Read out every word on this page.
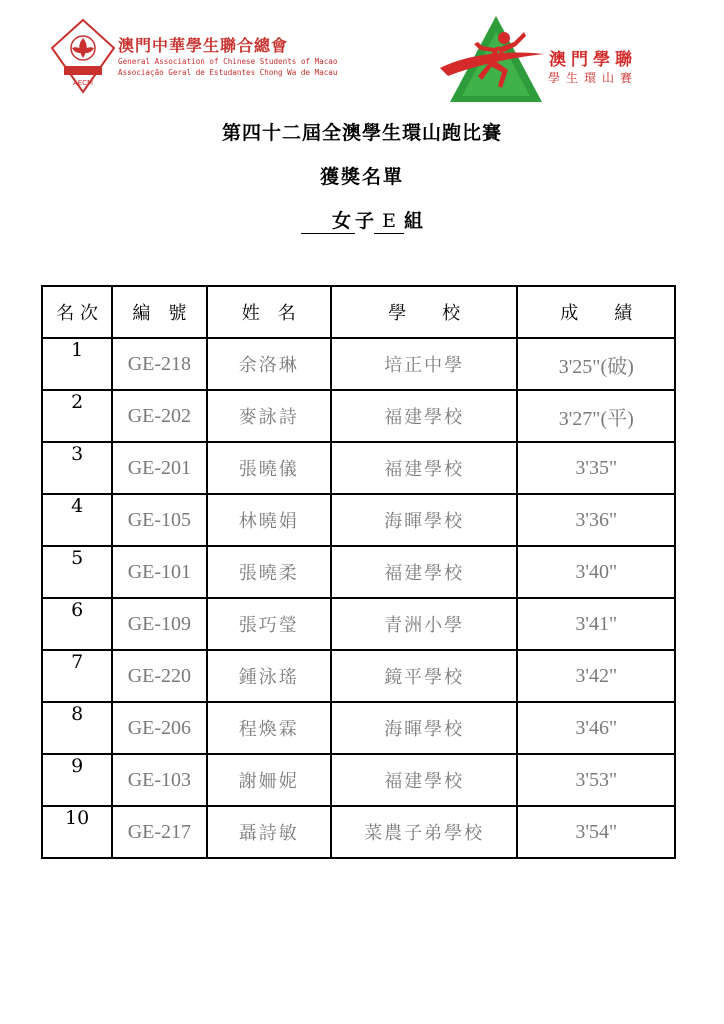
AECM
澳門中華學生聯合總會
General Association of Chinese Students of Macao
Associação Geral de Estudantes Chong Wa de Macau
澳門學聯
學生環山賽
第四十二屆全澳學生環山跑比賽
獲獎名單
女 子 E 組
名 次	編　號	姓　名	學　　校	成　　績
1	GE-218	余洛琳	培正中學	3'25"(破)
2	GE-202	麥詠詩	福建學校	3'27"(平)
3	GE-201	張曉儀	福建學校	3'35"
4	GE-105	林曉娟	海暉學校	3'36"
5	GE-101	張曉柔	福建學校	3'40"
6	GE-109	張巧瑩	青洲小學	3'41"
7	GE-220	鍾泳瑤	鏡平學校	3'42"
8	GE-206	程煥霖	海暉學校	3'46"
9	GE-103	謝姍妮	福建學校	3'53"
10	GE-217	聶詩敏	菜農子弟學校	3'54"
